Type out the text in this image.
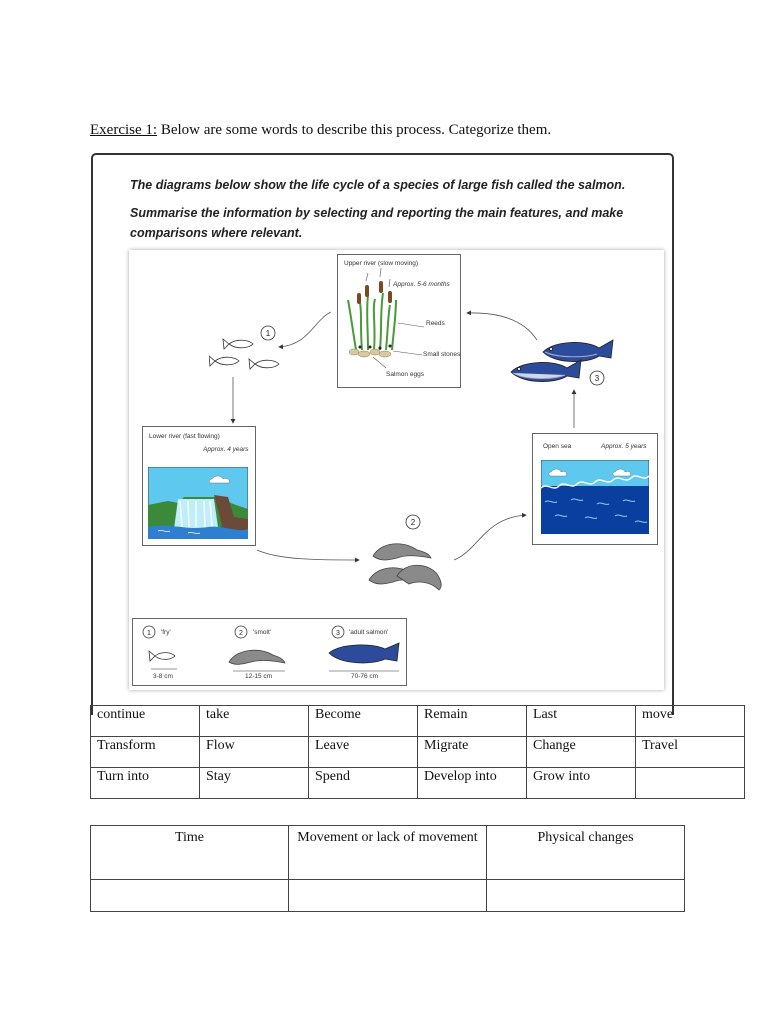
Exercise 1: Below are some words to describe this process. Categorize them.
The diagrams below show the life cycle of a species of large fish called the salmon.
Summarise the information by selecting and reporting the main features, and make
comparisons where relevant.
Upper river (slow moving)
Approx. 5-6 months
Reeds
Small stones
Salmon eggs
1
Lower river (fast flowing)
Approx. 4 years
2
Open sea	Approx. 5 years
3
1	2	3
'fry'	'smolt'	'adult salmon'
3-8 cm	12-15 cm	70-76 cm
continue	take	Become	Remain	Last	move
Transform	Flow	Leave	Migrate	Change	Travel
Turn into	Stay	Spend	Develop into	Grow into	
Time	Movement or lack of movement	Physical changes
